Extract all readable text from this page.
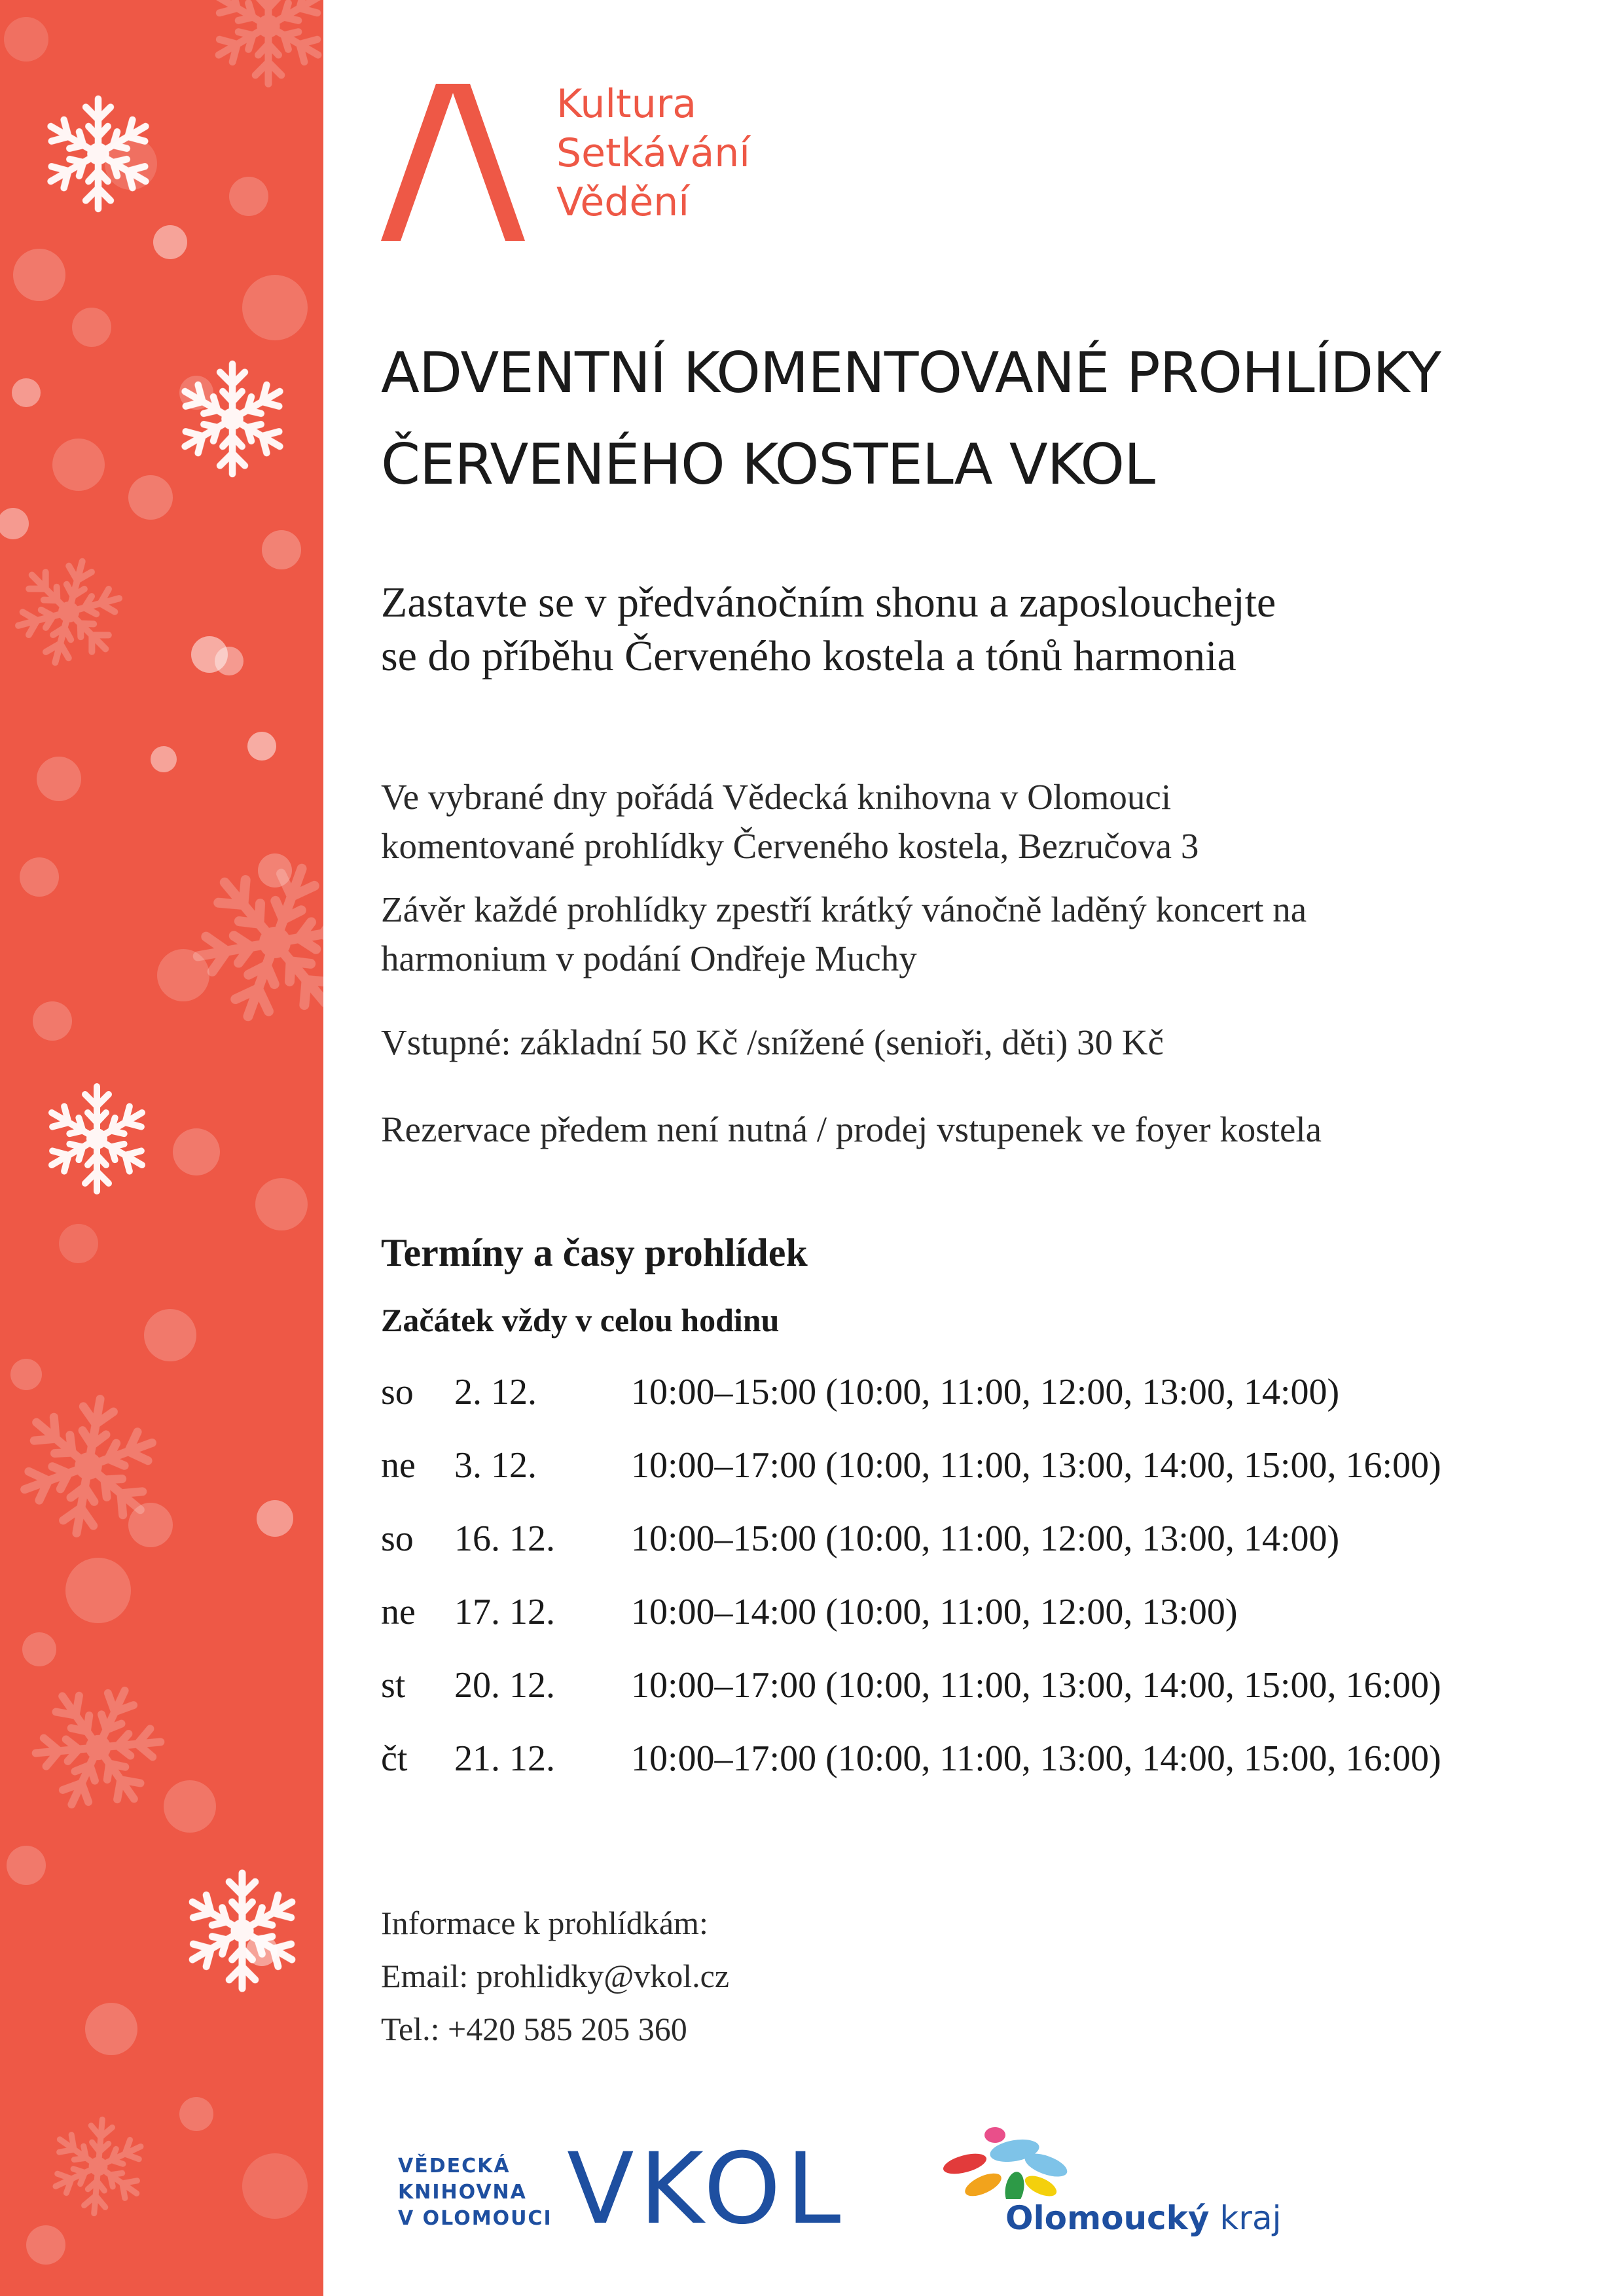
Kultura
Setkávání
Vědění
ADVENTNÍ KOMENTOVANÉ PROHLÍDKY
ČERVENÉHO KOSTELA VKOL
Zastavte se v předvánočním shonu a zaposlouchejte
se do příběhu Červeného kostela a tónů harmonia
Ve vybrané dny pořádá Vědecká knihovna v Olomouci
komentované prohlídky Červeného kostela, Bezručova 3
Závěr každé prohlídky zpestří krátký vánočně laděný koncert na
harmonium v podání Ondřeje Muchy
Vstupné: základní 50 Kč /snížené (senioři, děti) 30 Kč
Rezervace předem není nutná / prodej vstupenek ve foyer kostela
Termíny a časy prohlídek
Začátek vždy v celou hodinu
so 2. 12.	10:00–15:00 (10:00, 11:00, 12:00, 13:00, 14:00)
ne 3. 12.	10:00–17:00 (10:00, 11:00, 13:00, 14:00, 15:00, 16:00)
so 16. 12. 10:00–15:00 (10:00, 11:00, 12:00, 13:00, 14:00)
ne 17. 12. 10:00–14:00 (10:00, 11:00, 12:00, 13:00)
st 20. 12. 10:00–17:00 (10:00, 11:00, 13:00, 14:00, 15:00, 16:00)
čt 21. 12. 10:00–17:00 (10:00, 11:00, 13:00, 14:00, 15:00, 16:00)
Informace k prohlídkám:
Email: prohlidky@vkol.cz
Tel.: +420 585 205 360
VĚDECKÁ
KNIHOVNA
V OLOMOUCI VKOL	Olomoucký kraj
